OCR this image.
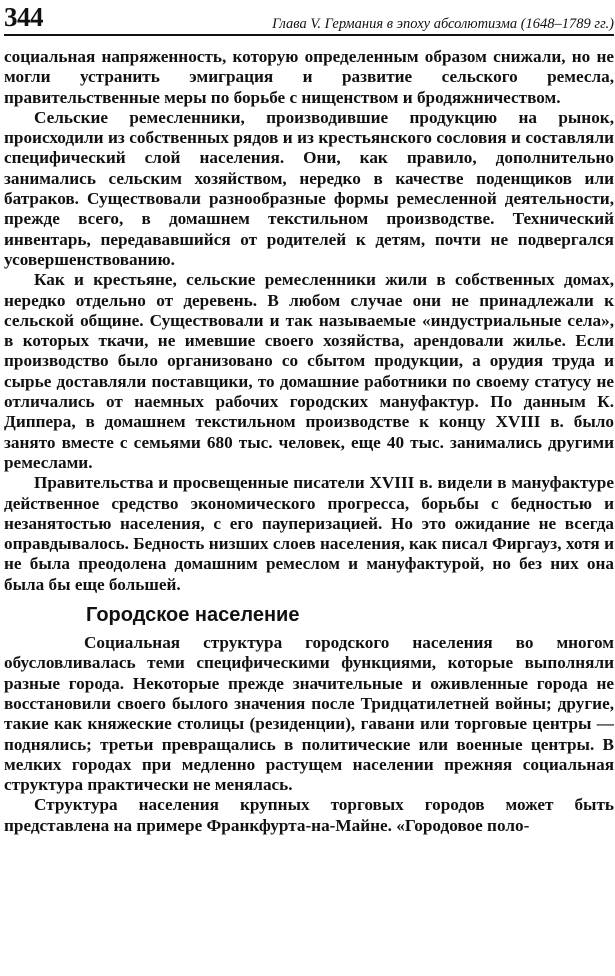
344	Глава V. Германия в эпоху абсолютизма (1648–1789 гг.)

социальная напряженность, которую определенным образом снижали, но не могли устранить эмиграция и развитие сельского ремесла, правительственные меры по борьбе с нищенством и бродяжничеством.

Сельские ремесленники, производившие продукцию на рынок, происходили из собственных рядов и из крестьянского сословия и составляли специфический слой населения. Они, как правило, дополнительно занимались сельским хозяйством, нередко в качестве поденщиков или батраков. Существовали разнообразные формы ремесленной деятельности, прежде всего, в домашнем текстильном производстве. Технический инвентарь, передававшийся от родителей к детям, почти не подвергался усовершенствованию.

Как и крестьяне, сельские ремесленники жили в собственных домах, нередко отдельно от деревень. В любом случае они не принадлежали к сельской общине. Существовали и так называемые «индустриальные села», в которых ткачи, не имевшие своего хозяйства, арендовали жилье. Если производство было организовано со сбытом продукции, а орудия труда и сырье доставляли поставщики, то домашние работники по своему статусу не отличались от наемных рабочих городских мануфактур. По данным К. Диппера, в домашнем текстильном производстве к концу XVIII в. было занято вместе с семьями 680 тыс. человек, еще 40 тыс. занимались другими ремеслами.

Правительства и просвещенные писатели XVIII в. видели в мануфактуре действенное средство экономического прогресса, борьбы с бедностью и незанятостью населения, с его пауперизацией. Но это ожидание не всегда оправдывалось. Бедность низших слоев населения, как писал Фиргауз, хотя и не была преодолена домашним ремеслом и мануфактурой, но без них она была бы еще большей.

Городское население

Социальная структура городского населения во многом обусловливалась теми специфическими функциями, которые выполняли разные города. Некоторые прежде значительные и оживленные города не восстановили своего былого значения после Тридцатилетней войны; другие, такие как княжеские столицы (резиденции), гавани или торговые центры — поднялись; третьи превращались в политические или военные центры. В мелких городах при медленно растущем населении прежняя социальная структура практически не менялась.

Структура населения крупных торговых городов может быть представлена на примере Франкфурта-на-Майне. «Городовое поло-
